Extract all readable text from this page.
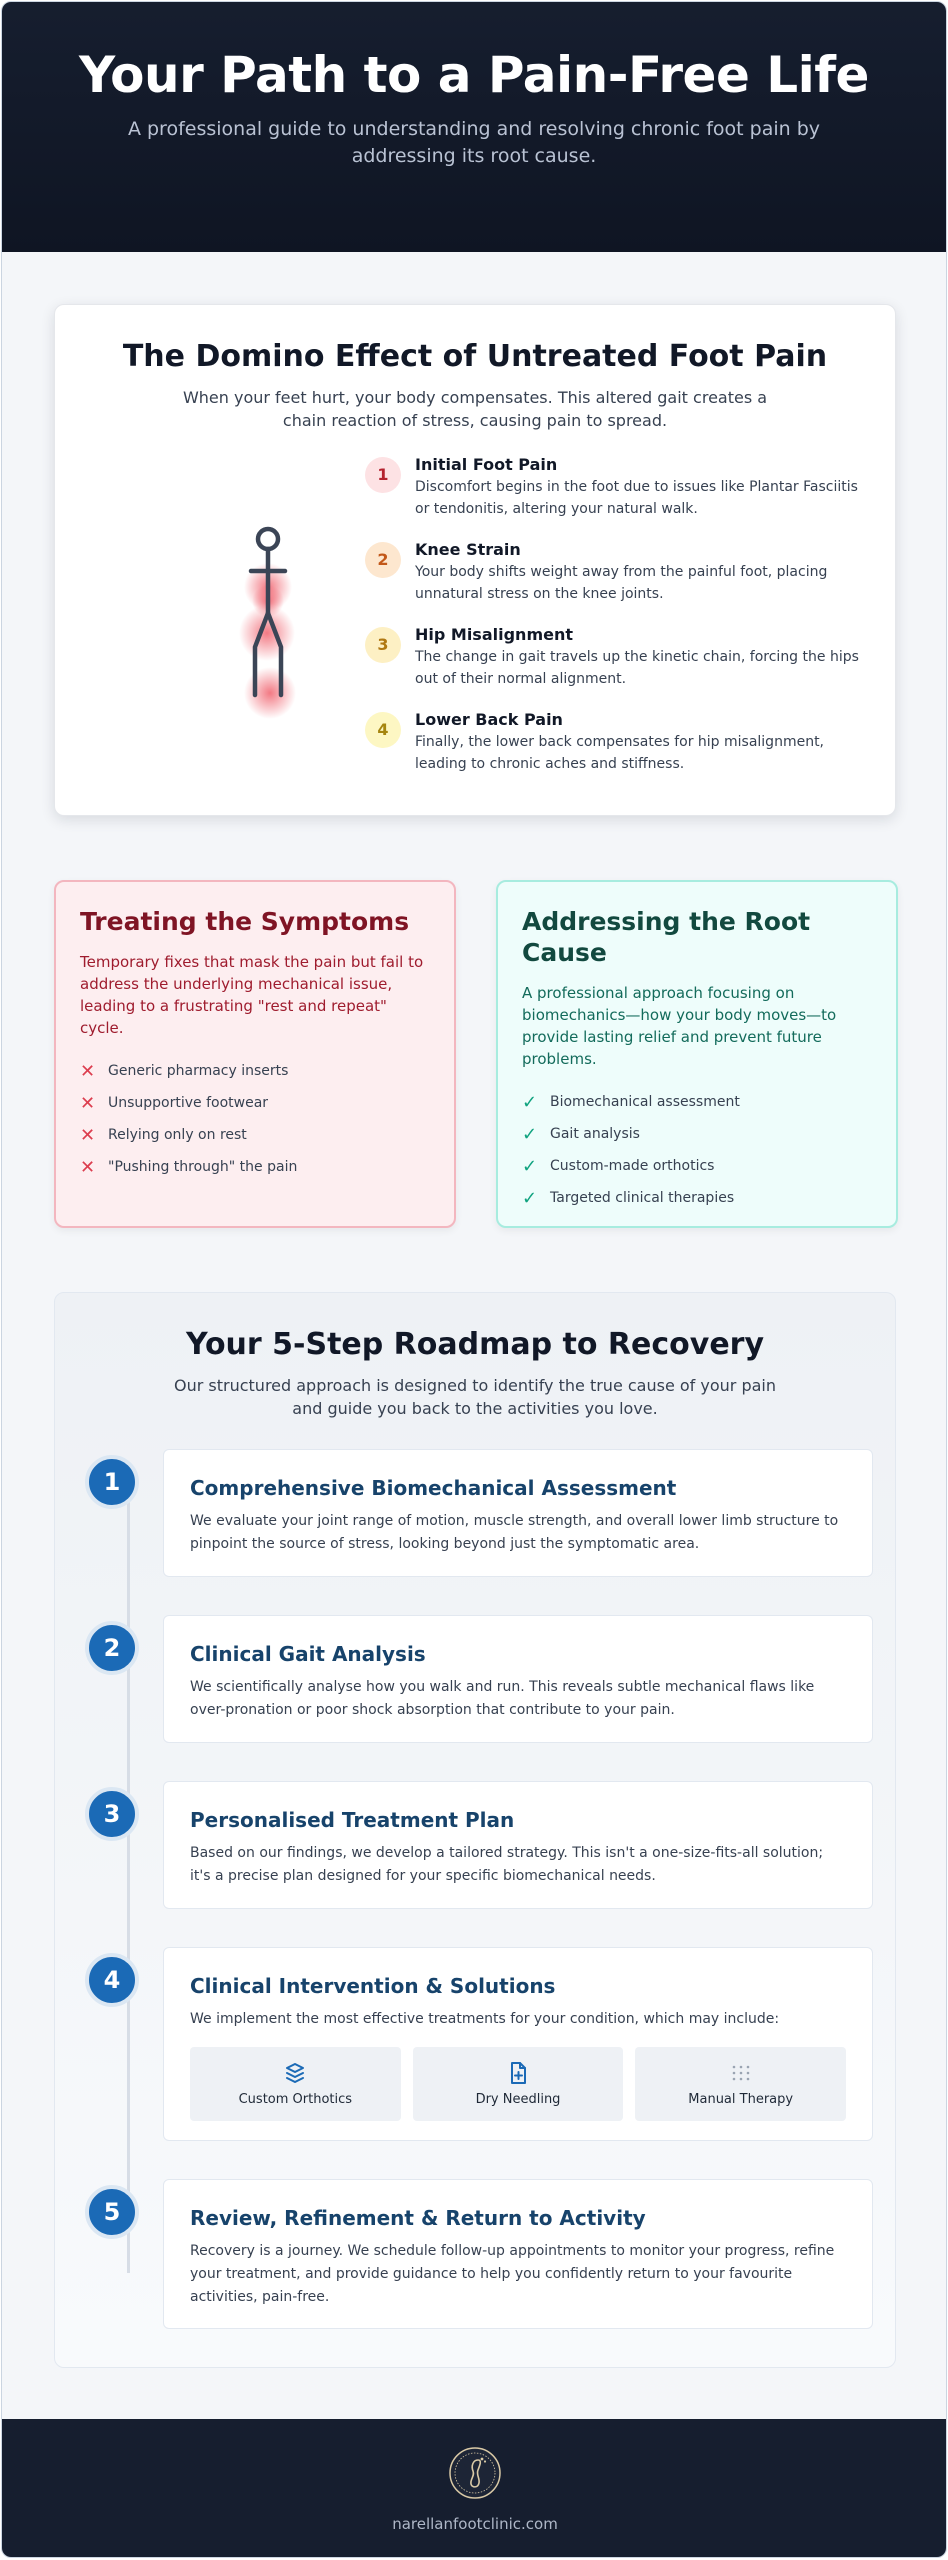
Your Path to a Pain-Free Life

A professional guide to understanding and resolving chronic foot pain by addressing its root cause.

The Domino Effect of Untreated Foot Pain

When your feet hurt, your body compensates. This altered gait creates a chain reaction of stress, causing pain to spread.

1
Initial Foot Pain
Discomfort begins in the foot due to issues like Plantar Fasciitis or tendonitis, altering your natural walk.
2
Knee Strain
Your body shifts weight away from the painful foot, placing unnatural stress on the knee joints.
3
Hip Misalignment
The change in gait travels up the kinetic chain, forcing the hips out of their normal alignment.
4
Lower Back Pain
Finally, the lower back compensates for hip misalignment, leading to chronic aches and stiffness.
Treating the Symptoms

Temporary fixes that mask the pain but fail to address the underlying mechanical issue, leading to a frustrating "rest and repeat" cycle.

✕ Generic pharmacy inserts
✕ Unsupportive footwear
✕ Relying only on rest
✕ "Pushing through" the pain
Addressing the Root Cause

A professional approach focusing on biomechanics—how your body moves—to provide lasting relief and prevent future problems.

✓ Biomechanical assessment
✓ Gait analysis
✓ Custom-made orthotics
✓ Targeted clinical therapies
Your 5-Step Roadmap to Recovery

Our structured approach is designed to identify the true cause of your pain and guide you back to the activities you love.

1	Comprehensive Biomechanical Assessment
We evaluate your joint range of motion, muscle strength, and overall lower limb structure to pinpoint the source of stress, looking beyond just the symptomatic area.
2	Clinical Gait Analysis
We scientifically analyse how you walk and run. This reveals subtle mechanical flaws like over-pronation or poor shock absorption that contribute to your pain.
3	Personalised Treatment Plan
Based on our findings, we develop a tailored strategy. This isn't a one-size-fits-all solution; it's a precise plan designed for your specific biomechanical needs.
4	Clinical Intervention & Solutions
We implement the most effective treatments for your condition, which may include:
Custom Orthotics	Dry Needling	Manual Therapy
5	Review, Refinement & Return to Activity
Recovery is a journey. We schedule follow-up appointments to monitor your progress, refine your treatment, and provide guidance to help you confidently return to your favourite activities, pain-free.
narellanfootclinic.com
